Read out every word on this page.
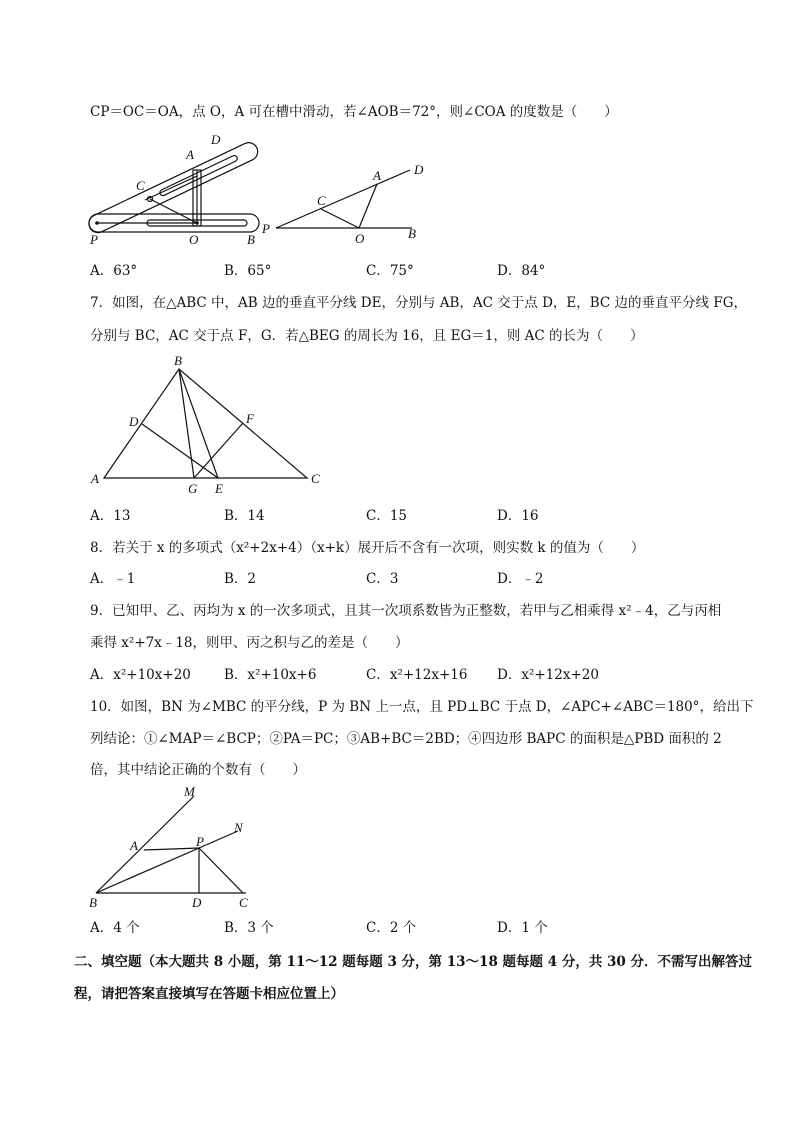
CP＝OC＝OA，点 O，A 可在槽中滑动，若∠AOB＝72°，则∠COA 的度数是（　　）
D
A
C
P	O	B
D
A
C
P
O	B
A．63°	B．65°	C．75°	D．84°
7．如图，在△ABC 中，AB 边的垂直平分线 DE，分别与 AB，AC 交于点 D，E，BC 边的垂直平分线 FG，
分别与 BC，AC 交于点 F，G．若△BEG 的周长为 16，且 EG＝1，则 AC 的长为（　　）
B
D	F
A
G E
C
A．13	B．14	C．15	D．16
8．若关于 x 的多项式（x²+2x+4）（x+k）展开后不含有一次项，则实数 k 的值为（　　）
A．﹣1	B．2	C．3	D．﹣2
9．已知甲、乙、丙均为 x 的一次多项式，且其一次项系数皆为正整数，若甲与乙相乘得 x²﹣4，乙与丙相
乘得 x²+7x﹣18，则甲、丙之积与乙的差是（　　）
A．x²+10x+20 B．x²+10x+6	C．x²+12x+16 D．x²+12x+20
10．如图，BN 为∠MBC 的平分线，P 为 BN 上一点，且 PD⊥BC 于点 D，∠APC+∠ABC＝180°，给出下
列结论：①∠MAP＝∠BCP；②PA＝PC；③AB+BC＝2BD；④四边形 BAPC 的面积是△PBD 面积的 2
倍，其中结论正确的个数有（　　）
M
N
A	P
B	D	C
A．4 个	B．3 个	C．2 个	D．1 个
二、填空题（本大题共 8 小题，第 11～12 题每题 3 分，第 13～18 题每题 4 分，共 30 分．不需写出解答过
程，请把答案直接填写在答题卡相应位置上）
